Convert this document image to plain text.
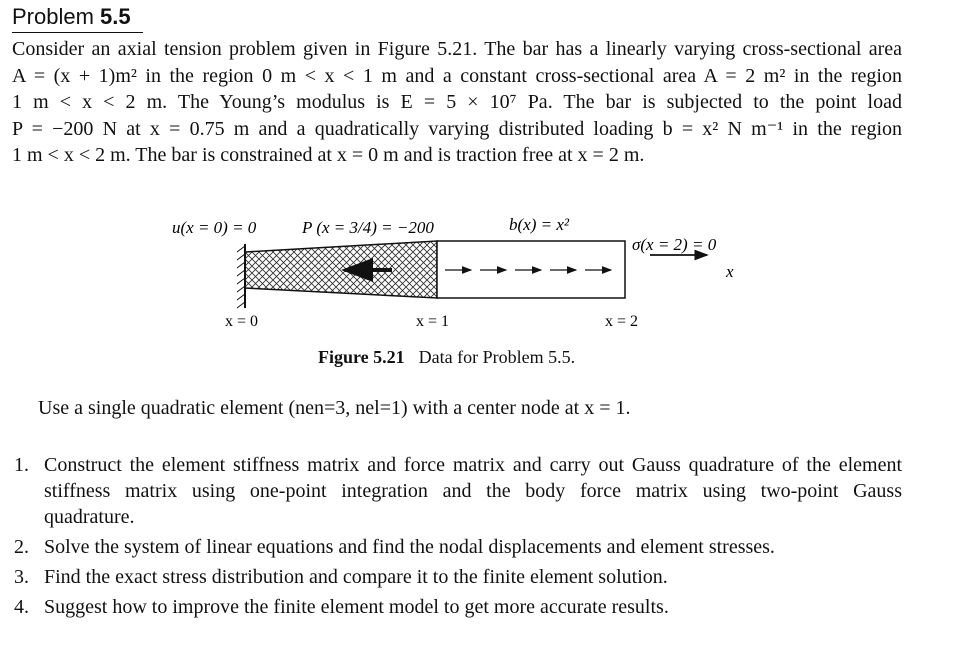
Problem 5.5
Consider an axial tension problem given in Figure 5.21. The bar has a linearly varying cross-sectional area
A = (x + 1)m² in the region 0 m < x < 1 m and a constant cross-sectional area A = 2 m² in the region
1 m < x < 2 m. The Young’s modulus is E = 5 × 10⁷ Pa. The bar is subjected to the point load
P = −200 N at x = 0.75 m and a quadratically varying distributed loading b = x² N m⁻¹ in the region
1 m < x < 2 m. The bar is constrained at x = 0 m and is traction free at x = 2 m.
u(x = 0) = 0	P (x = 3/4) = −200	b(x) = x²
σ(x = 2) = 0
x
x = 0	x = 1	x = 2
Figure 5.21 Data for Problem 5.5.
Use a single quadratic element (nen=3, nel=1) with a center node at x = 1.
1. Construct the element stiffness matrix and force matrix and carry out Gauss quadrature of the element
stiffness matrix using one-point integration and the body force matrix using two-point Gauss
quadrature.
2. Solve the system of linear equations and find the nodal displacements and element stresses.
3. Find the exact stress distribution and compare it to the finite element solution.
4. Suggest how to improve the finite element model to get more accurate results.
